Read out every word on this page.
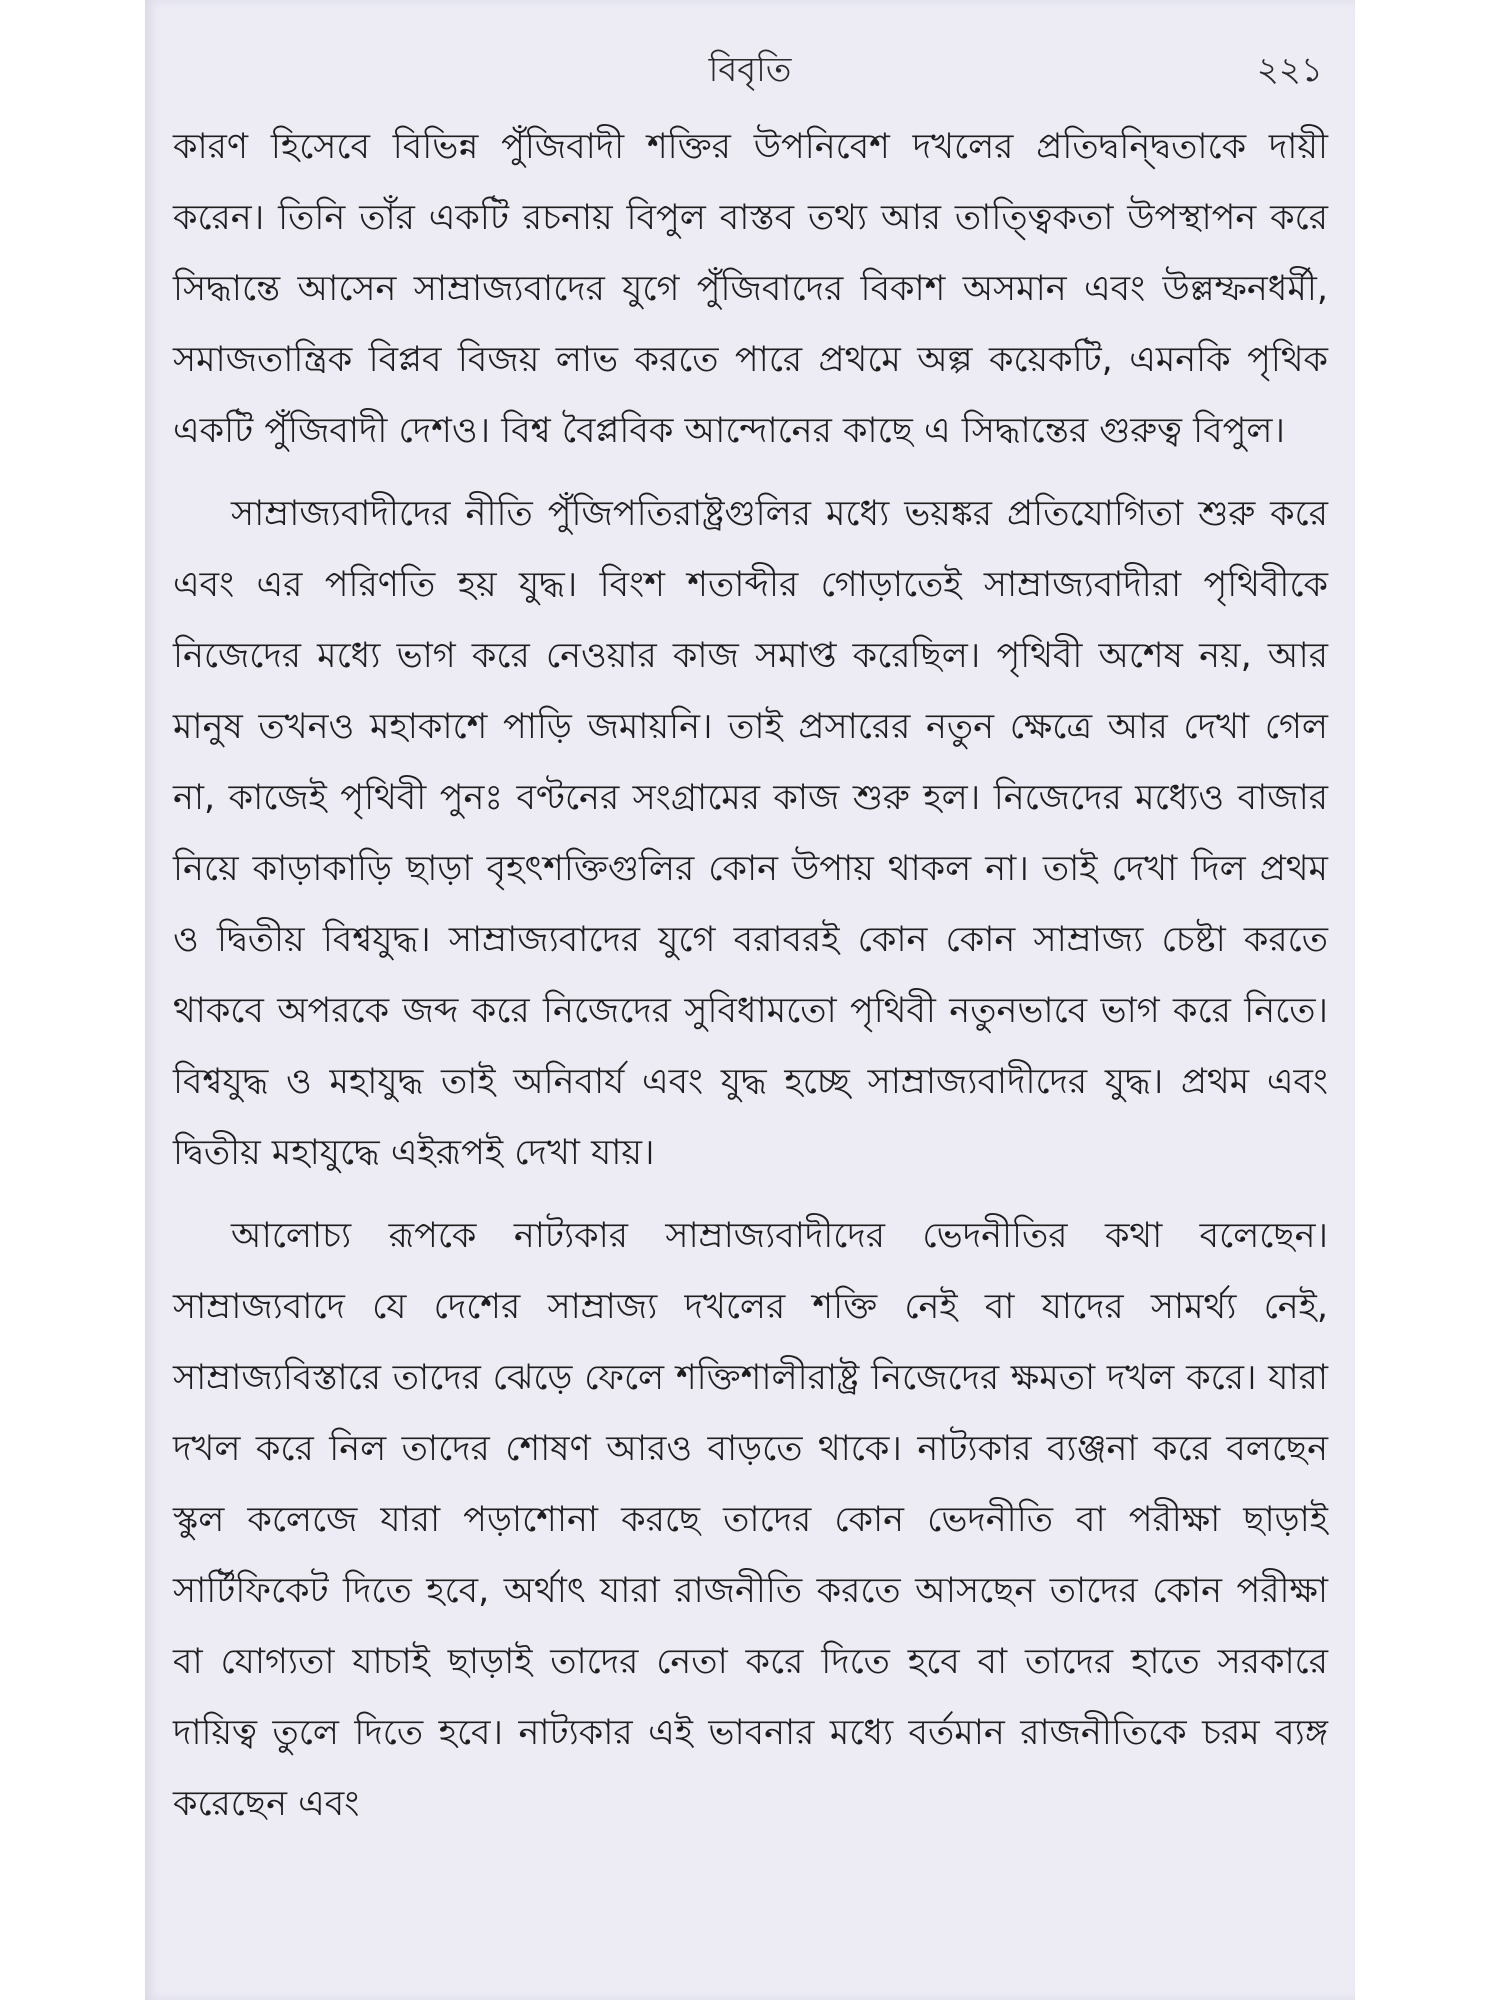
বিবৃতি	২২১

কারণ হিসেবে বিভিন্ন পুঁজিবাদী শক্তির উপনিবেশ দখলের প্রতিদ্বন্দ্বিতাকে দায়ী করেন। তিনি তাঁর একটি রচনায় বিপুল বাস্তব তথ্য আর তাত্ত্বিকতা উপস্থাপন করে সিদ্ধান্তে আসেন সাম্রাজ্যবাদের যুগে পুঁজিবাদের বিকাশ অসমান এবং উল্লম্ফনধর্মী, সমাজতান্ত্রিক বিপ্লব বিজয় লাভ করতে পারে প্রথমে অল্প কয়েকটি, এমনকি পৃথিক একটি পুঁজিবাদী দেশও। বিশ্ব বৈপ্লবিক আন্দোনের কাছে এ সিদ্ধান্তের গুরুত্ব বিপুল।

সাম্রাজ্যবাদীদের নীতি পুঁজিপতিরাষ্ট্রগুলির মধ্যে ভয়ঙ্কর প্রতিযোগিতা শুরু করে এবং এর পরিণতি হয় যুদ্ধ। বিংশ শতাব্দীর গোড়াতেই সাম্রাজ্যবাদীরা পৃথিবীকে নিজেদের মধ্যে ভাগ করে নেওয়ার কাজ সমাপ্ত করেছিল। পৃথিবী অশেষ নয়, আর মানুষ তখনও মহাকাশে পাড়ি জমায়নি। তাই প্রসারের নতুন ক্ষেত্রে আর দেখা গেল না, কাজেই পৃথিবী পুনঃ বণ্টনের সংগ্রামের কাজ শুরু হল। নিজেদের মধ্যেও বাজার নিয়ে কাড়াকাড়ি ছাড়া বৃহৎশক্তিগুলির কোন উপায় থাকল না। তাই দেখা দিল প্রথম ও দ্বিতীয় বিশ্বযুদ্ধ। সাম্রাজ্যবাদের যুগে বরাবরই কোন কোন সাম্রাজ্য চেষ্টা করতে থাকবে অপরকে জব্দ করে নিজেদের সুবিধামতো পৃথিবী নতুনভাবে ভাগ করে নিতে। বিশ্বযুদ্ধ ও মহাযুদ্ধ তাই অনিবার্য এবং যুদ্ধ হচ্ছে সাম্রাজ্যবাদীদের যুদ্ধ। প্রথম এবং দ্বিতীয় মহাযুদ্ধে এইরূপই দেখা যায়।

আলোচ্য রূপকে নাট্যকার সাম্রাজ্যবাদীদের ভেদনীতির কথা বলেছেন। সাম্রাজ্যবাদে যে দেশের সাম্রাজ্য দখলের শক্তি নেই বা যাদের সামর্থ্য নেই, সাম্রাজ্যবিস্তারে তাদের ঝেড়ে ফেলে শক্তিশালীরাষ্ট্র নিজেদের ক্ষমতা দখল করে। যারা দখল করে নিল তাদের শোষণ আরও বাড়তে থাকে। নাট্যকার ব্যঞ্জনা করে বলছেন স্কুল কলেজে যারা পড়াশোনা করছে তাদের কোন ভেদনীতি বা পরীক্ষা ছাড়াই সার্টিফিকেট দিতে হবে, অর্থাৎ যারা রাজনীতি করতে আসছেন তাদের কোন পরীক্ষা বা যোগ্যতা যাচাই ছাড়াই তাদের নেতা করে দিতে হবে বা তাদের হাতে সরকারে দায়িত্ব তুলে দিতে হবে। নাট্যকার এই ভাবনার মধ্যে বর্তমান রাজনীতিকে চরম ব্যঙ্গ করেছেন এবং
